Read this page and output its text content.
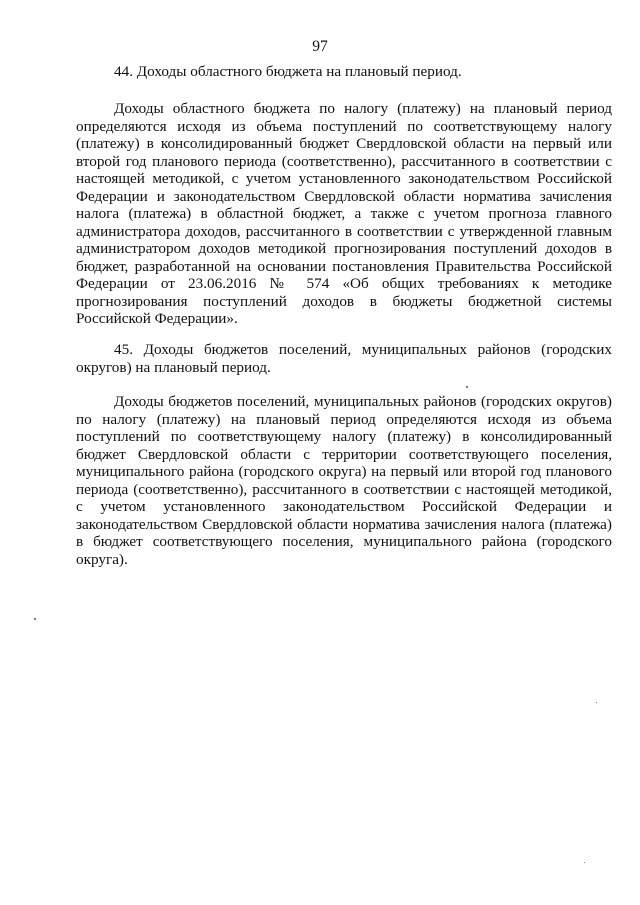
97
44. Доходы областного бюджета на плановый период.
Доходы областного бюджета по налогу (платежу) на плановый период определяются исходя из объема поступлений по соответствующему налогу (платежу) в консолидированный бюджет Свердловской области на первый или второй год планового периода (соответственно), рассчитанного в соответствии с настоящей методикой, с учетом установленного законодательством Российской Федерации и законодательством Свердловской области норматива зачисления налога (платежа) в областной бюджет, а также с учетом прогноза главного администратора доходов, рассчитанного в соответствии с утвержденной главным администратором доходов методикой прогнозирования поступлений доходов в бюджет, разработанной на основании постановления Правительства Российской Федерации от 23.06.2016 № 574 «Об общих требованиях к методике прогнозирования поступлений доходов в бюджеты бюджетной системы Российской Федерации».
45. Доходы бюджетов поселений, муниципальных районов (городских округов) на плановый период.
Доходы бюджетов поселений, муниципальных районов (городских округов) по налогу (платежу) на плановый период определяются исходя из объема поступлений по соответствующему налогу (платежу) в консолидированный бюджет Свердловской области с территории соответствующего поселения, муниципального района (городского округа) на первый или второй год планового периода (соответственно), рассчитанного в соответствии с настоящей методикой, с учетом установленного законодательством Российской Федерации и законодательством Свердловской области норматива зачисления налога (платежа) в бюджет соответствующего поселения, муниципального района (городского округа).
